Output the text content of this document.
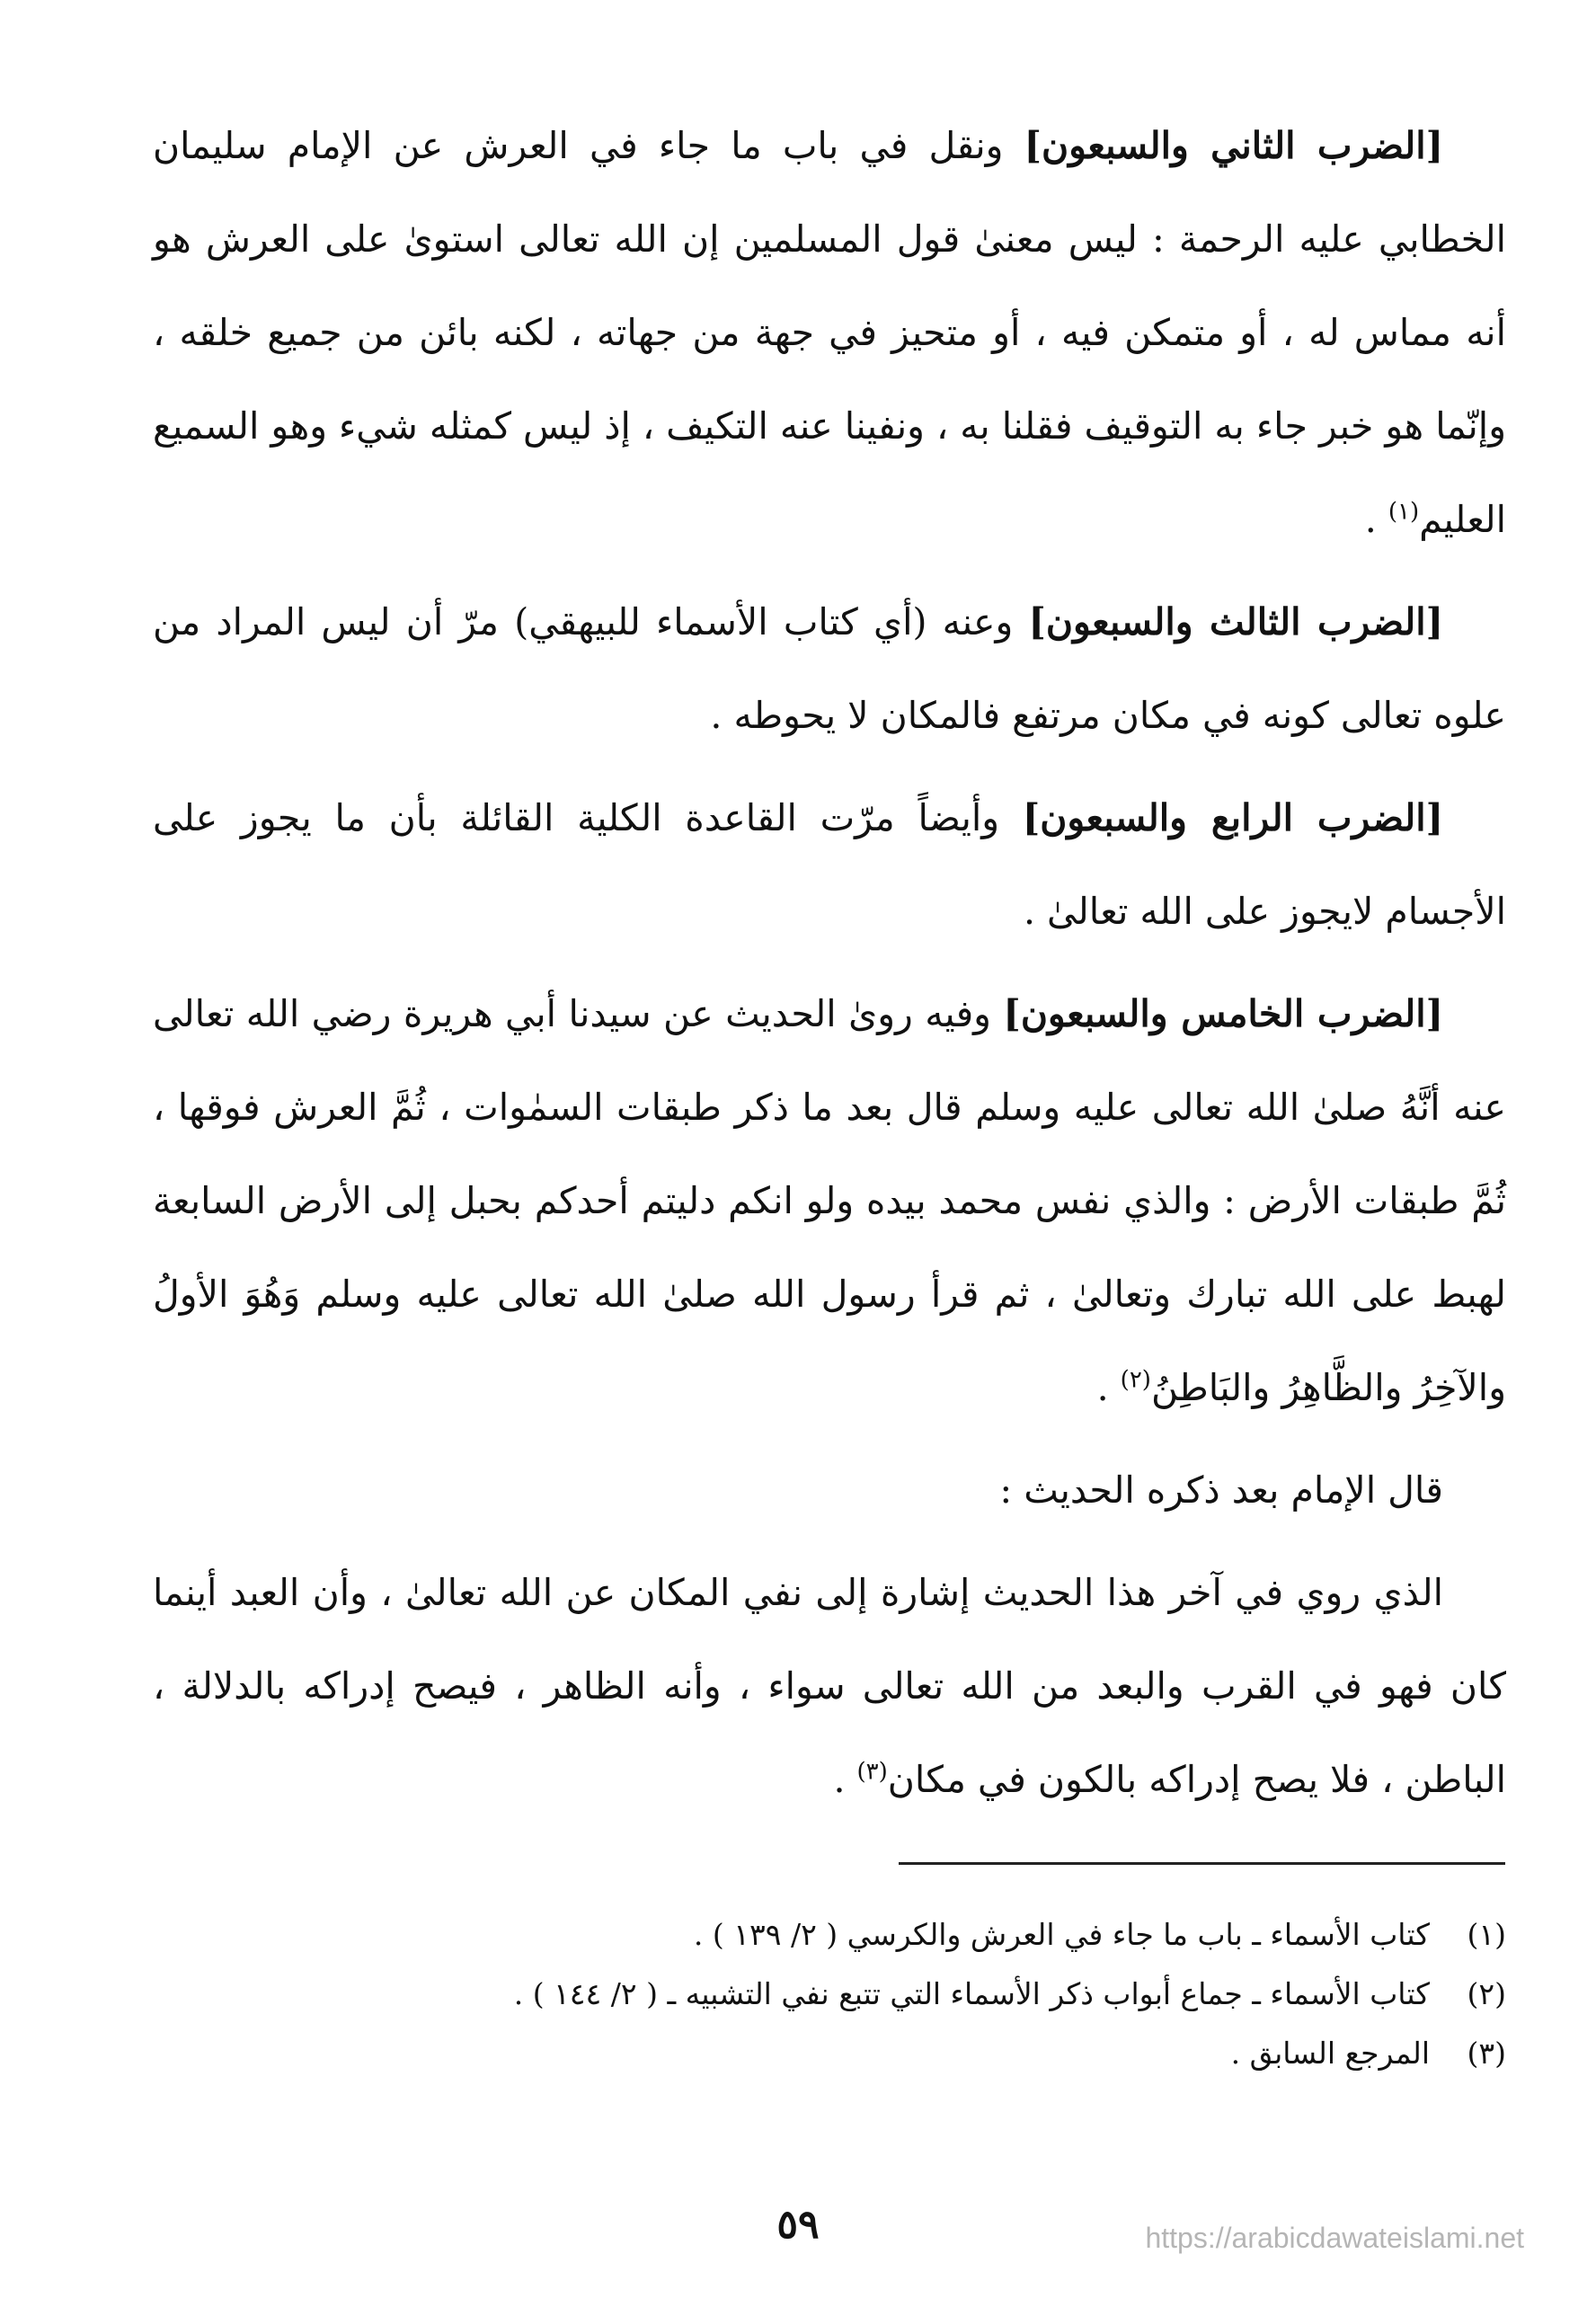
[الضرب الثاني والسبعون] ونقل في باب ما جاء في العرش عن الإمام سليمان الخطابي عليه الرحمة : ليس معنىٰ قول المسلمين إن الله تعالى استوىٰ على العرش هو أنه مماس له ، أو متمكن فيه ، أو متحيز في جهة من جهاته ، لكنه بائن من جميع خلقه ، وإنّما هو خبر جاء به التوقيف فقلنا به ، ونفينا عنه التكيف ، إذ ليس كمثله شيء وهو السميع العليم$^{(١)}$ .

[الضرب الثالث والسبعون] وعنه (أي كتاب الأسماء للبيهقي) مرّ أن ليس المراد من علوه تعالى كونه في مكان مرتفع فالمكان لا يحوطه .

[الضرب الرابع والسبعون] وأيضاً مرّت القاعدة الكلية القائلة بأن ما يجوز على الأجسام لايجوز على الله تعالىٰ .

[الضرب الخامس والسبعون] وفيه روىٰ الحديث عن سيدنا أبي هريرة رضي الله تعالى عنه أنَّهُ صلىٰ الله تعالى عليه وسلم قال بعد ما ذكر طبقات السمٰوات ، ثُمَّ العرش فوقها ، ثُمَّ طبقات الأرض : والذي نفس محمد بيده ولو انكم دليتم أحدكم بحبل إلى الأرض السابعة لهبط على الله تبارك وتعالىٰ ، ثم قرأ رسول الله صلىٰ الله تعالى عليه وسلم وَهُوَ الأولُ والآخِرُ والظَّاهِرُ والبَاطِنُ$^{(٢)}$ .

قال الإمام بعد ذكره الحديث :

الذي روي في آخر هذا الحديث إشارة إلى نفي المكان عن الله تعالىٰ ، وأن العبد أينما كان فهو في القرب والبعد من الله تعالى سواء ، وأنه الظاهر ، فيصح إدراكه بالدلالة ، الباطن ، فلا يصح إدراكه بالكون في مكان$^{(٣)}$ .

(١)كتاب الأسماء ـ باب ما جاء في العرش والكرسي ( ٢/ ١٣٩ ) .

(٢)كتاب الأسماء ـ جماع أبواب ذكر الأسماء التي تتبع نفي التشبيه ـ ( ٢/ ١٤٤ ) .

(٣)المرجع السابق .

٥٩	https://arabicdawateislami.net
